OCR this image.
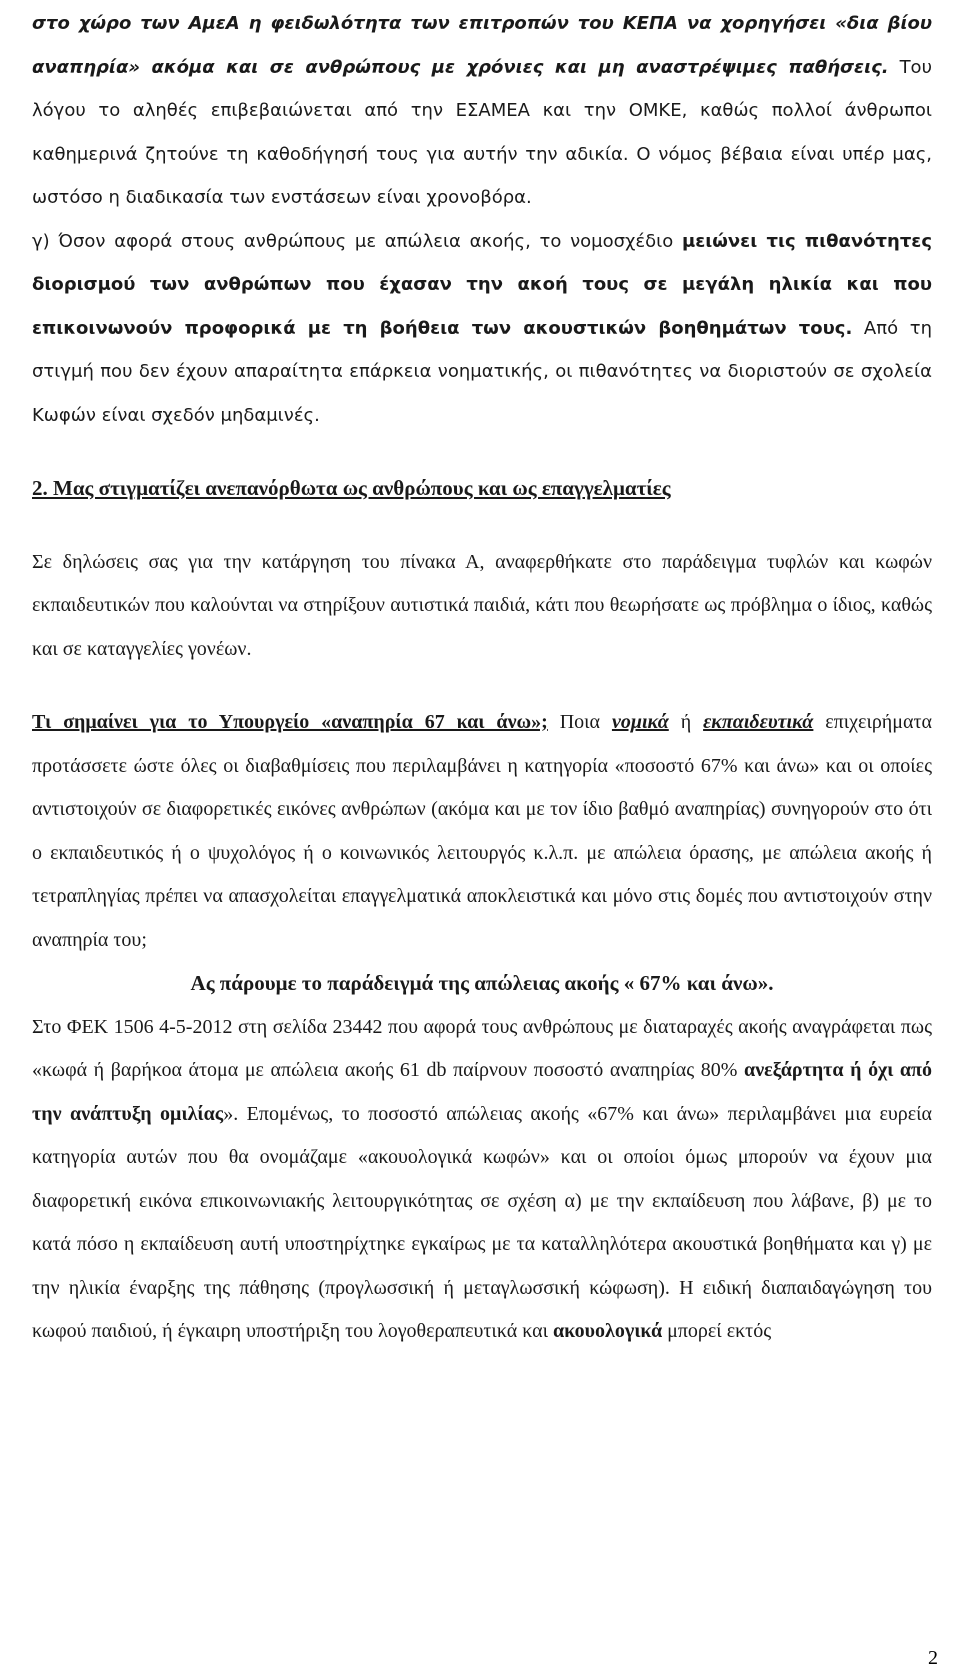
στο χώρο των ΑμεΑ η φειδωλότητα των επιτροπών του ΚΕΠΑ να χορηγήσει «δια βίου αναπηρία» ακόμα και σε ανθρώπους με χρόνιες και μη αναστρέψιμες παθήσεις. Του λόγου το αληθές επιβεβαιώνεται από την ΕΣΑΜΕΑ και την ΟΜΚΕ, καθώς πολλοί άνθρωποι καθημερινά ζητούνε τη καθοδήγησή τους για αυτήν την αδικία. Ο νόμος βέβαια είναι υπέρ μας, ωστόσο η διαδικασία των ενστάσεων είναι χρονοβόρα.

γ) Όσον αφορά στους ανθρώπους με απώλεια ακοής, το νομοσχέδιο μειώνει τις πιθανότητες διορισμού των ανθρώπων που έχασαν την ακοή τους σε μεγάλη ηλικία και που επικοινωνούν προφορικά με τη βοήθεια των ακουστικών βοηθημάτων τους. Από τη στιγμή που δεν έχουν απαραίτητα επάρκεια νοηματικής, οι πιθανότητες να διοριστούν σε σχολεία Κωφών είναι σχεδόν μηδαμινές.

2. Μας στιγματίζει ανεπανόρθωτα ως ανθρώπους και ως επαγγελματίες

Σε δηλώσεις σας για την κατάργηση του πίνακα Α, αναφερθήκατε στο παράδειγμα τυφλών και κωφών εκπαιδευτικών που καλούνται να στηρίξουν αυτιστικά παιδιά, κάτι που θεωρήσατε ως πρόβλημα ο ίδιος, καθώς και σε καταγγελίες γονέων.

Τι σημαίνει για το Υπουργείο «αναπηρία 67 και άνω»; Ποια νομικά ή εκπαιδευτικά επιχειρήματα προτάσσετε ώστε όλες οι διαβαθμίσεις που περιλαμβάνει η κατηγορία «ποσοστό 67% και άνω» και οι οποίες αντιστοιχούν σε διαφορετικές εικόνες ανθρώπων (ακόμα και με τον ίδιο βαθμό αναπηρίας) συνηγορούν στο ότι ο εκπαιδευτικός ή ο ψυχολόγος ή ο κοινωνικός λειτουργός κ.λ.π. με απώλεια όρασης, με απώλεια ακοής ή τετραπληγίας πρέπει να απασχολείται επαγγελματικά αποκλειστικά και μόνο στις δομές που αντιστοιχούν στην αναπηρία του;

Ας πάρουμε το παράδειγμά της απώλειας ακοής « 67% και άνω».

Στο ΦΕΚ 1506 4-5-2012 στη σελίδα 23442 που αφορά τους ανθρώπους με διαταραχές ακοής αναγράφεται πως «κωφά ή βαρήκοα άτομα με απώλεια ακοής 61 db παίρνουν ποσοστό αναπηρίας 80% ανεξάρτητα ή όχι από την ανάπτυξη ομιλίας». Επομένως, το ποσοστό απώλειας ακοής «67% και άνω» περιλαμβάνει μια ευρεία κατηγορία αυτών που θα ονομάζαμε «ακουολογικά κωφών» και οι οποίοι όμως μπορούν να έχουν μια διαφορετική εικόνα επικοινωνιακής λειτουργικότητας σε σχέση α) με την εκπαίδευση που λάβανε, β) με το κατά πόσο η εκπαίδευση αυτή υποστηρίχτηκε εγκαίρως με τα καταλληλότερα ακουστικά βοηθήματα και γ) με την ηλικία έναρξης της πάθησης (προγλωσσική ή μεταγλωσσική κώφωση). Η ειδική διαπαιδαγώγηση του κωφού παιδιού, ή έγκαιρη υποστήριξη του λογοθεραπευτικά και ακουολογικά μπορεί εκτός

2
